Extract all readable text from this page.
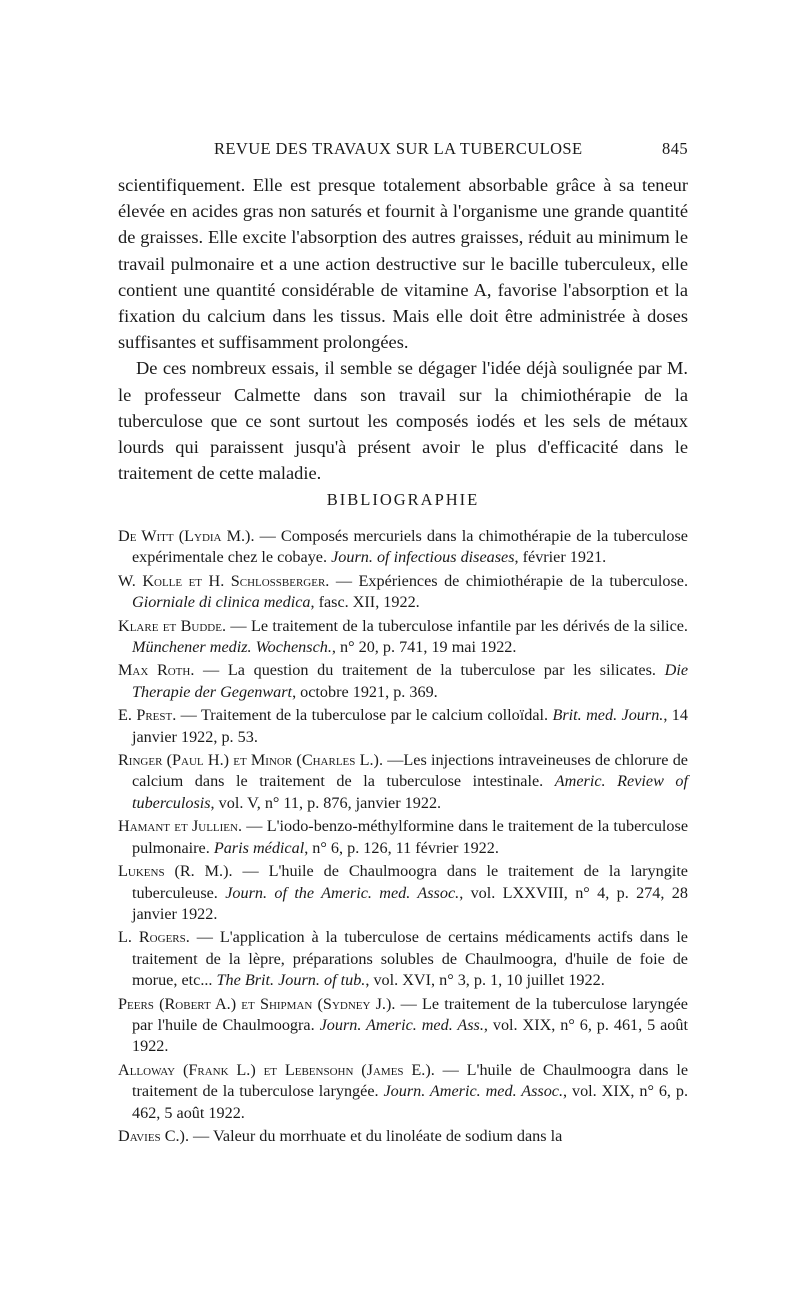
REVUE DES TRAVAUX SUR LA TUBERCULOSE	845

scientifiquement. Elle est presque totalement absorbable grâce à sa teneur élevée en acides gras non saturés et fournit à l'organisme une grande quantité de graisses. Elle excite l'absorption des autres graisses, réduit au minimum le travail pulmonaire et a une action destructive sur le bacille tuberculeux, elle contient une quantité considérable de vitamine A, favorise l'absorption et la fixation du calcium dans les tissus. Mais elle doit être administrée à doses suffisantes et suffisamment prolongées.

De ces nombreux essais, il semble se dégager l'idée déjà soulignée par M. le professeur Calmette dans son travail sur la chimiothérapie de la tuberculose que ce sont surtout les composés iodés et les sels de métaux lourds qui paraissent jusqu'à présent avoir le plus d'efficacité dans le traitement de cette maladie.

BIBLIOGRAPHIE

De Witt (Lydia M.). — Composés mercuriels dans la chimothérapie de la tuberculose expérimentale chez le cobaye. Journ. of infectious diseases, février 1921.

W. Kolle et H. Schlossberger. — Expériences de chimiothérapie de la tuberculose. Giorniale di clinica medica, fasc. XII, 1922.

Klare et Budde. — Le traitement de la tuberculose infantile par les dérivés de la silice. Münchener mediz. Wochensch., n° 20, p. 741, 19 mai 1922.

Max Roth. — La question du traitement de la tuberculose par les silicates. Die Therapie der Gegenwart, octobre 1921, p. 369.

E. Prest. — Traitement de la tuberculose par le calcium colloïdal. Brit. med. Journ., 14 janvier 1922, p. 53.

Ringer (Paul H.) et Minor (Charles L.). —Les injections intraveineuses de chlorure de calcium dans le traitement de la tuberculose intestinale. Americ. Review of tuberculosis, vol. V, n° 11, p. 876, janvier 1922.

Hamant et Jullien. — L'iodo-benzo-méthylformine dans le traitement de la tuberculose pulmonaire. Paris médical, n° 6, p. 126, 11 février 1922.

Lukens (R. M.). — L'huile de Chaulmoogra dans le traitement de la laryngite tuberculeuse. Journ. of the Americ. med. Assoc., vol. LXXVIII, n° 4, p. 274, 28 janvier 1922.

L. Rogers. — L'application à la tuberculose de certains médicaments actifs dans le traitement de la lèpre, préparations solubles de Chaulmoogra, d'huile de foie de morue, etc... The Brit. Journ. of tub., vol. XVI, n° 3, p. 1, 10 juillet 1922.

Peers (Robert A.) et Shipman (Sydney J.). — Le traitement de la tuberculose laryngée par l'huile de Chaulmoogra. Journ. Americ. med. Ass., vol. XIX, n° 6, p. 461, 5 août 1922.

Alloway (Frank L.) et Lebensohn (James E.). — L'huile de Chaulmoogra dans le traitement de la tuberculose laryngée. Journ. Americ. med. Assoc., vol. XIX, n° 6, p. 462, 5 août 1922.

Davies C.). — Valeur du morrhuate et du linoléate de sodium dans la
